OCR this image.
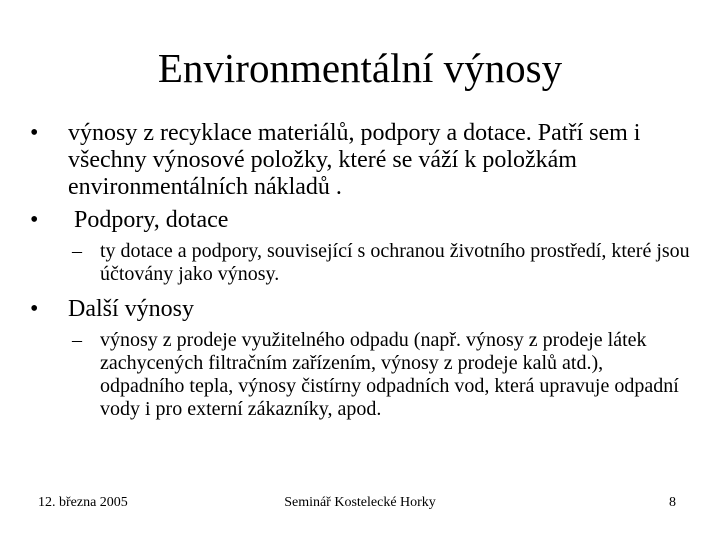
Environmentální výnosy
• výnosy z recyklace materiálů, podpory a dotace. Patří sem i všechny výnosové položky, které se váží k položkám environmentálních nákladů .
• Podpory, dotace
– ty dotace a podpory, související s ochranou životního prostředí, které jsou účtovány jako výnosy.
• Další výnosy
– výnosy z prodeje využitelného odpadu (např. výnosy z prodeje látek zachycených filtračním zařízením, výnosy z prodeje kalů atd.), odpadního tepla, výnosy čistírny odpadních vod, která upravuje odpadní vody i pro externí zákazníky, apod.
12. března 2005	Seminář Kostelecké Horky	8
